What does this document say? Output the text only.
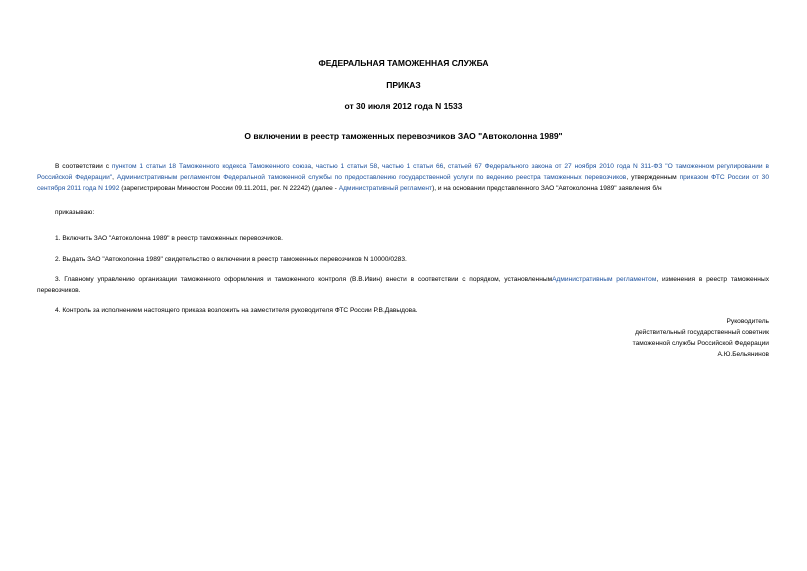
ФЕДЕРАЛЬНАЯ ТАМОЖЕННАЯ СЛУЖБА
ПРИКАЗ
от 30 июля 2012 года N 1533
О включении в реестр таможенных перевозчиков ЗАО "Автоколонна 1989"
В соответствии с пунктом 1 статьи 18 Таможенного кодекса Таможенного союза, частью 1 статьи 58, частью 1 статьи 66, статьей 67 Федерального закона от 27 ноября 2010 года N 311-ФЗ "О таможенном регулировании в Российской Федерации", Административным регламентом Федеральной таможенной службы по предоставлению государственной услуги по ведению реестра таможенных перевозчиков, утвержденным приказом ФТС России от 30 сентября 2011 года N 1992 (зарегистрирован Минюстом России 09.11.2011, рег. N 22242) (далее - Административный регламент), и на основании представленного ЗАО "Автоколонна 1989" заявления б/н
приказываю:
1. Включить ЗАО "Автоколонна 1989" в реестр таможенных перевозчиков.
2. Выдать ЗАО "Автоколонна 1989" свидетельство о включении в реестр таможенных перевозчиков N 10000/0283.
3. Главному управлению организации таможенного оформления и таможенного контроля (В.В.Ивин) внести в соответствии с порядком, установленнымАдминистративным регламентом, изменения в реестр таможенных перевозчиков.
4. Контроль за исполнением настоящего приказа возложить на заместителя руководителя ФТС России Р.В.Давыдова.
Руководитель
действительный государственный советник
таможенной службы Российской Федерации
А.Ю.Бельянинов
